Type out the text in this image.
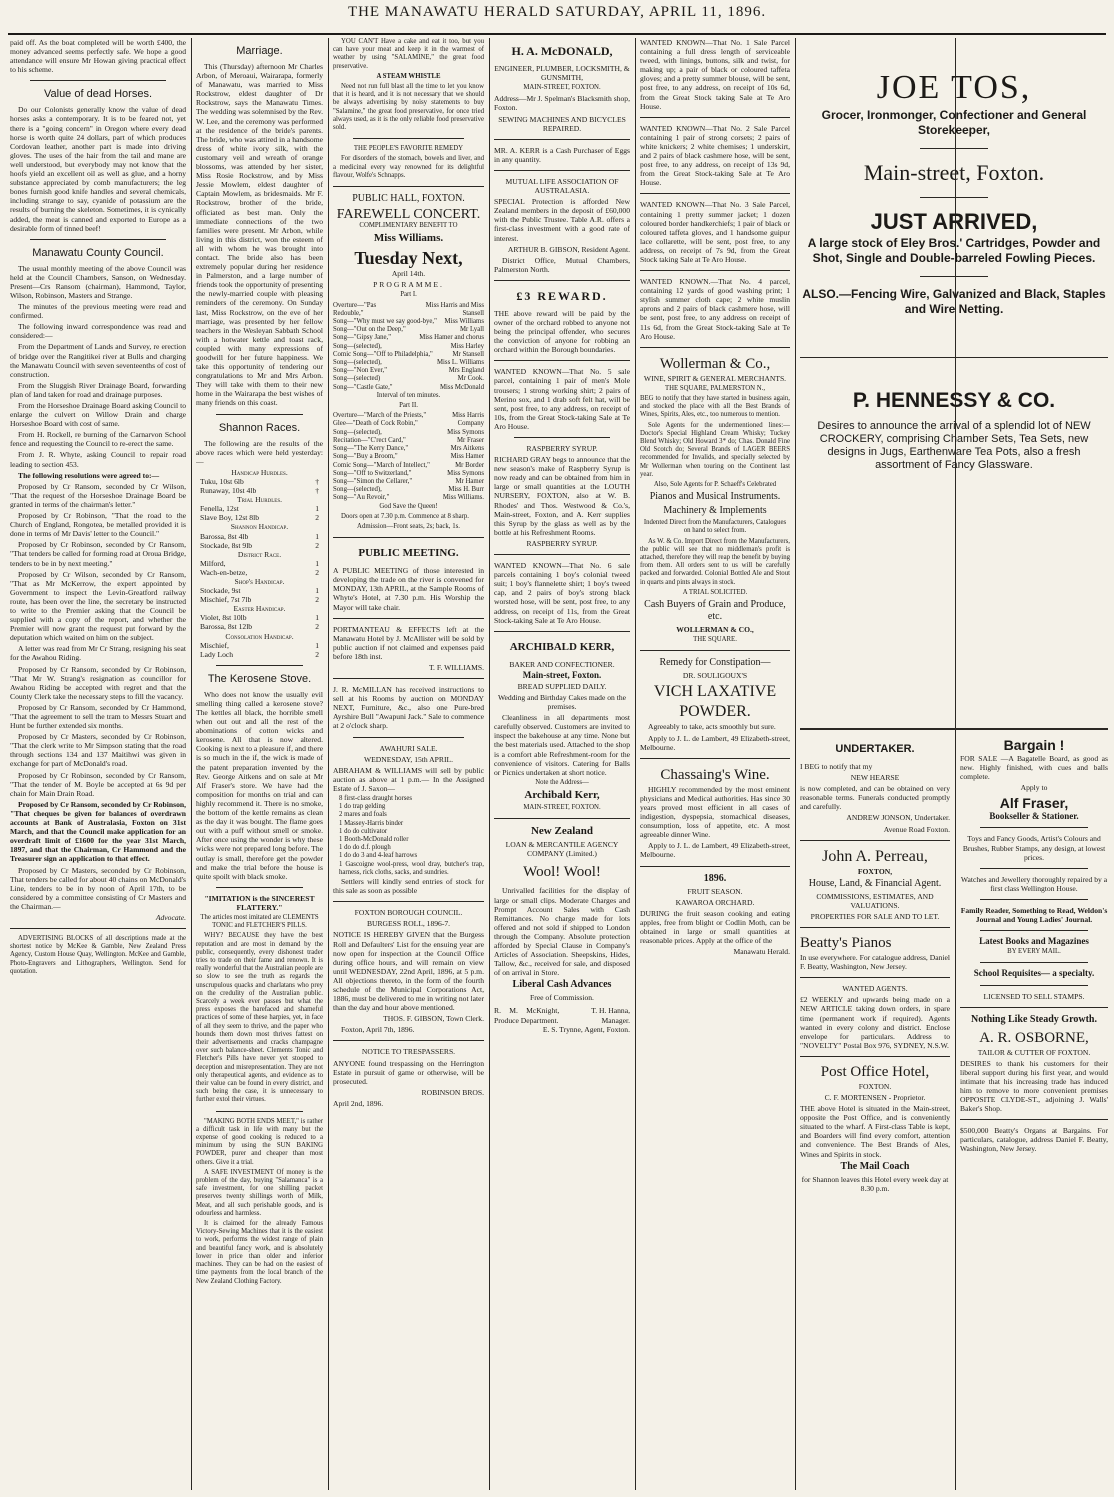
THE MANAWATU HERALD SATURDAY, APRIL 11, 1896.

paid off. As the boat completed will be worth £400, the money advanced seems perfectly safe. We hope a good attendance will ensure Mr Howan giving practical effect to his scheme.

Value of dead Horses.

Do our Colonists generally know the value of dead horses asks a contemporary. It is to be feared not, yet there is a "going concern" in Oregon where every dead horse is worth quite 24 dollars, part of which produces Cordovan leather, another part is made into driving gloves. The uses of the hair from the tail and mane are well understood, but everybody may not know that the hoofs yield an excellent oil as well as glue, and a horny substance appreciated by comb manufacturers; the leg bones furnish good knife handles and several chemicals, including strange to say, cyanide of potassium are the results of burning the skeleton. Sometimes, it is cynically added, the meat is canned and exported to Europe as a desirable form of tinned beef!

Manawatu County Council.

The usual monthly meeting of the above Council was held at the Council Chambers, Sanson, on Wednesday. Present—Crs Ransom (chairman), Hammond, Taylor, Wilson, Robinson, Masters and Strange.

The minutes of the previous meeting were read and confirmed.

The following inward correspondence was read and considered:—

From the Department of Lands and Survey, re erection of bridge over the Rangitikei river at Bulls and charging the Manawatu Council with seven seventeenths of cost of construction.

From the Sluggish River Drainage Board, forwarding plan of land taken for road and drainage purposes.

From the Horseshoe Drainage Board asking Council to enlarge the culvert on Willow Drain and charge Horseshoe Board with cost of same.

From H. Rockell, re burning of the Carnarvon School fence and requesting the Council to re-erect the same.

From J. R. Whyte, asking Council to repair road leading to section 453.

The following resolutions were agreed to:—

Proposed by Cr Ransom, seconded by Cr Wilson, "That the request of the Horseshoe Drainage Board be granted in terms of the chairman's letter."

Proposed by Cr Robinson, "That the road to the Church of England, Rongotea, be metalled provided it is done in terms of Mr Davis' letter to the Council."

Proposed by Cr Robinson, seconded by Cr Ransom, "That tenders be called for forming road at Oroua Bridge, tenders to be in by next meeting."

Proposed by Cr Wilson, seconded by Cr Ransom, "That as Mr McKerrow, the expert appointed by Government to inspect the Levin-Greatford railway route, has been over the line, the secretary be instructed to write to the Premier asking that the Council be supplied with a copy of the report, and whether the Premier will now grant the request put forward by the deputation which waited on him on the subject.

A letter was read from Mr Cr Strang, resigning his seat for the Awahou Riding.

Proposed by Cr Ransom, seconded by Cr Robinson, "That Mr W. Strang's resignation as councillor for Awahou Riding be accepted with regret and that the County Clerk take the necessary steps to fill the vacancy.

Proposed by Cr Ransom, seconded by Cr Hammond, "That the agreement to sell the tram to Messrs Stuart and Hunt be further extended six months.

Proposed by Cr Masters, seconded by Cr Robinson, "That the clerk write to Mr Simpson stating that the road through sections 134 and 137 Maitihwi was given in exchange for part of McDonald's road.

Proposed by Cr Robinson, seconded by Cr Ransom, "That the tender of M. Boyle be accepted at 6s 9d per chain for Main Drain Road.

Proposed by Cr Ransom, seconded by Cr Robinson, "That cheques be given for balances of overdrawn accounts at Bank of Australasia, Foxton on 31st March, and that the Council make application for an overdraft limit of £1600 for the year 31st March, 1897, and that the Chairman, Cr Hammond and the Treasurer sign an application to that effect.

Proposed by Cr Masters, seconded by Cr Robinson, That tenders be called for about 40 chains on McDonald's Line, tenders to be in by noon of April 17th, to be considered by a committee consisting of Cr Masters and the Chairman.—

Advocate.

ADVERTISING BLOCKS of all descriptions made at the shortest notice by McKee & Gamble, New Zealand Press Agency, Custom House Quay, Wellington. McKee and Gamble, Photo-Engravers and Lithographers, Wellington. Send for quotation.

Marriage.

This (Thursday) afternoon Mr Charles Arbon, of Meroaui, Wairarapa, formerly of Manawatu, was married to Miss Rockstrow, eldest daughter of Dr Rockstrow, says the Manawatu Times. The wedding was solemnised by the Rev. W. Lee, and the ceremony was performed at the residence of the bride's parents. The bride, who was attired in a handsome dress of white ivory silk, with the customary veil and wreath of orange blossoms, was attended by her sister, Miss Rosie Rockstrow, and by Miss Jessie Mowlem, eldest daughter of Captain Mowlem, as bridesmaids. Mr F. Rockstrow, brother of the bride, officiated as best man. Only the immediate connections of the two families were present. Mr Arbon, while living in this district, won the esteem of all with whom he was brought into contact. The bride also has been extremely popular during her residence in Palmerston, and a large number of friends took the opportunity of presenting the newly-married couple with pleasing reminders of the ceremony. On Sunday last, Miss Rockstrow, on the eve of her marriage, was presented by her fellow teachers in the Wesleyan Sabbath School with a hotwater kettle and toast rack, coupled with many expressions of goodwill for her future happiness. We take this opportunity of tendering our congratulations to Mr and Mrs Arbon. They will take with them to their new home in the Wairarapa the best wishes of many friends on this coast.

Shannon Races.

The following are the results of the above races which were held yesterday:—

Handicap Hurdles.
Tuku, 10st 6lb	†
Runaway, 10st 4lb	†
Trial Hurdles.
Fenella, 12st	1
Slave Boy, 12st 8lb	2
Shannon Handicap.
Barossa, 8st 4lb	1
Stockade, 8st 9lb	2
District Race.
Milford,	1
Wach-en-betze,	2
Shop's Handicap.
Stockade, 9st	1
Mischief, 7st 7lb	2
Easter Handicap.
Violet, 8st 10lb	1
Barossa, 8st 12lb	2
Consolation Handicap.
Mischief,	1
Lady Loch	2
The Kerosene Stove.

Who does not know the usually evil smelling thing called a kerosene stove? The kettles all black, the horrible smell when out out and all the rest of the abominations of cotton wicks and kerosene. All that is now altered. Cooking is next to a pleasure if, and there is so much in the if, the wick is made of the patent preparation invented by the Rev. George Aitkens and on sale at Mr Alf Fraser's store. We have had the composition for months on trial and can highly recommend it. There is no smoke, the bottom of the kettle remains as clean as the day it was bought. The flame goes out with a puff without smell or smoke. After once using the wonder is why these wicks were not prepared long before. The outlay is small, therefore get the powder and make the trial before the house is quite spoilt with black smoke.

"IMITATION is the SINCEREST FLATTERY."

The articles most imitated are CLEMENTS TONIC and FLETCHER'S PILLS.

WHY? BECAUSE they have the best reputation and are most in demand by the public, consequently, every dishonest trader tries to trade on their fame and renown. It is really wonderful that the Australian people are so slow to see the truth as regards the unscrupulous quacks and charlatans who prey on the credulity of the Australian public. Scarcely a week ever passes but what the press exposes the barefaced and shameful practices of some of these harpies, yet, in face of all they seem to thrive, and the paper who hounds them down most thrives fattest on their advertisements and cracks champagne over such balance-sheet. Clements Tonic and Fletcher's Pills have never yet stooped to deception and misrepresentation. They are not only therapeutical agents, and evidence as to their value can be found in every district, and such being the case, it is unnecessary to further extol their virtues.

"MAKING BOTH ENDS MEET," is rather a difficult task in life with many but the expense of good cooking is reduced to a minimum by using the SUN BAKING POWDER, purer and cheaper than most others. Give it a trial.

A SAFE INVESTMENT Of money is the problem of the day, buying "Salamanca" is a safe investment, for one shilling packet preserves twenty shillings worth of Milk, Meat, and all such perishable goods, and is odourless and harmless.

It is claimed for the already Famous Victory-Sewing Machines that it is the easiest to work, performs the widest range of plain and beautiful fancy work, and is absolutely lower in price than older and inferior machines. They can be had on the easiest of time payments from the local branch of the New Zealand Clothing Factory.

YOU CAN'T Have a cake and eat it too, but you can have your meat and keep it in the warmest of weather by using "SALAMINE," the great food preservative.

A STEAM WHISTLE

Need not run full blast all the time to let you know that it is heard, and it is not necessary that we should be always advertising by noisy statements to buy "Salamine," the great food preservative, for once tried always used, as it is the only reliable food preservative sold.

THE PEOPLE'S FAVORITE REMEDY

For disorders of the stomach, bowels and liver, and a medicinal every way renowned for its delightful flavour, Wolfe's Schnapps.

PUBLIC HALL, FOXTON.

FAREWELL CONCERT.

COMPLIMENTARY BENEFIT TO

Miss Williams.

Tuesday Next,

April 14th.

PROGRAMME.

Part I.

Overture—"Pas Redouble,"
Miss Harris and Miss Stansell
Song—"Why must we say good-bye," Miss Williams
Song—"Out on the Deep,"	Mr Lyall
Song—"Gipsy Jane,"	Miss Hamer and chorus
Song—(selected),	Miss Harley
Comic Song—"Off to Philadelphia,"	Mr Stansell
Song—(selected),	Miss L. Williams
Song—"Non Ever,"	Mrs England
Song—(selected)	Mr Cook.
Song—"Castle Gate,"	Miss McDonald

Interval of ten minutes.

Part II.

Overture—"March of the Priests,"	Miss Harris
Glee—"Death of Cock Robin,"	Company
Song—(selected),	Miss Symons
Recitation—"C'rect Card,"	Mr Fraser
Song—"The Kerry Dance,"	Mrs Aitkens
Song—"Buy a Broom,"	Miss Hamer
Comic Song—"March of Intellect,"	Mr Border
Song—"Off to Switzerland,"	Miss Symons
Song—"Simon the Cellarer,"	Mr Hamer
Song—(selected),	Miss H. Burr
Song—"Au Revoir,"	Miss Williams.

God Save the Queen!

Doors open at 7.30 p.m. Commence at 8 sharp.

Admission—Front seats, 2s; back, 1s.

PUBLIC MEETING.

A PUBLIC MEETING of those interested in developing the trade on the river is convened for MONDAY, 13th APRIL, at the Sample Rooms of Whyte's Hotel, at 7.30 p.m. His Worship the Mayor will take chair.

PORTMANTEAU & EFFECTS left at the Manawatu Hotel by J. McAllister will be sold by public auction if not claimed and expenses paid before 18th inst.

T. F. WILLIAMS.

J. R. McMILLAN has received instructions to sell at his Rooms by auction on MONDAY NEXT, Furniture, &c., also one Pure-bred Ayrshire Bull "Awapuni Jack." Sale to commence at 2 o'clock sharp.

AWAHURI SALE.

WEDNESDAY, 15th APRIL.

ABRAHAM & WILLIAMS will sell by public auction as above at 1 p.m.— In the Assigned Estate of J. Saxon—

8 first-class draught horses
1 do trap gelding
2 mares and foals
1 Massey-Harris binder
1 do do cultivator
1 Booth-McDonald roller
1 do do d.f. plough
1 do do 3 and 4-leaf harrows
1 Gascoigne wool-press, wool dray, butcher's trap, harness, rick cloths, sacks, and sundries.

Settlers will kindly send entries of stock for this sale as soon as possible

FOXTON BOROUGH COUNCIL.

BURGESS ROLL, 1896-7.

NOTICE IS HEREBY GIVEN that the Burgess Roll and Defaulters' List for the ensuing year are now open for inspection at the Council Office during office hours, and will remain on view until WEDNESDAY, 22nd April, 1896, at 5 p.m. All objections thereto, in the form of the fourth schedule of the Municipal Corporations Act, 1886, must be delivered to me in writing not later than the day and hour above mentioned.

THOS. F. GIBSON, Town Clerk.

Foxton, April 7th, 1896.

NOTICE TO TRESPASSERS.

ANYONE found trespassing on the Herrington Estate in pursuit of game or otherwise, will be prosecuted.

ROBINSON BROS.

April 2nd, 1896.

H. A. McDONALD,

ENGINEER, PLUMBER, LOCKSMITH, & GUNSMITH,

MAIN-STREET, FOXTON.

Address—Mr J. Spelman's Blacksmith shop, Foxton.

SEWING MACHINES AND BICYCLES REPAIRED.

MR. A. KERR is a Cash Purchaser of Eggs in any quantity.

MUTUAL LIFE ASSOCIATION OF AUSTRALASIA.

SPECIAL Protection is afforded New Zealand members in the deposit of £60,000 with the Public Trustee. Table A.R. offers a first-class investment with a good rate of interest.

ARTHUR B. GIBSON, Resident Agent.

District Office, Mutual Chambers, Palmerston North.

£3 REWARD.

THE above reward will be paid by the owner of the orchard robbed to anyone not being the principal offender, who secures the conviction of anyone for robbing an orchard within the Borough boundaries.

WANTED KNOWN—That No. 5 sale parcel, containing 1 pair of men's Mole trousers; 1 strong working shirt; 2 pairs of Merino sox, and 1 drab soft felt hat, will be sent, post free, to any address, on receipt of 10s, from the Great Stock-taking Sale at Te Aro House.

RASPBERRY SYRUP.

RICHARD GRAY begs to announce that the new season's make of Raspberry Syrup is now ready and can be obtained from him in large or small quantities at the LOUTH NURSERY, FOXTON, also at W. B. Rhodes' and Thos. Westwood & Co.'s, Main-street, Foxton, and A. Kerr supplies this Syrup by the glass as well as by the bottle at his Refreshment Rooms.

RASPBERRY SYRUP.

WANTED KNOWN—That No. 6 sale parcels containing 1 boy's colonial tweed suit; 1 boy's flannelette shirt; 1 boy's tweed cap, and 2 pairs of boy's strong black worsted hose, will be sent, post free, to any address, on receipt of 11s, from the Great Stock-taking Sale at Te Aro House.

ARCHIBALD KERR,

BAKER AND CONFECTIONER.

Main-street, Foxton.

BREAD SUPPLIED DAILY.

Wedding and Birthday Cakes made on the premises.

Cleanliness in all departments most carefully observed. Customers are invited to inspect the bakehouse at any time. None but the best materials used. Attached to the shop is a comfort able Refreshment-room for the convenience of visitors. Catering for Balls or Picnics undertaken at short notice.

Note the Address—

Archibald Kerr,

MAIN-STREET, FOXTON.

New Zealand

LOAN & MERCANTILE AGENCY COMPANY (Limited.)

Wool! Wool!

Unrivalled facilities for the display of large or small clips. Moderate Charges and Prompt Account Sales with Cash Remittances. No charge made for lots offered and not sold if shipped to London through the Company. Absolute protection afforded by Special Clause in Company's Articles of Association. Sheepskins, Hides, Tallow, &c., received for sale, and disposed of on arrival in Store.

Liberal Cash Advances

Free of Commission.

R. M. McKnight, Produce Department.
T. H. Hanna, Manager.

E. S. Trynne, Agent, Foxton.

WANTED KNOWN—That No. 1 Sale Parcel containing a full dress length of serviceable tweed, with linings, buttons, silk and twist, for making up; a pair of black or coloured taffeta gloves; and a pretty summer blouse, will be sent, post free, to any address, on receipt of 10s 6d, from the Great Stock taking Sale at Te Aro House.

WANTED KNOWN—That No. 2 Sale Parcel containing 1 pair of strong corsets; 2 pairs of white knickers; 2 white chemises; 1 underskirt, and 2 pairs of black cashmere hose, will be sent, post free, to any address, on receipt of 13s 9d, from the Great Stock-taking Sale at Te Aro House.

WANTED KNOWN—That No. 3 Sale Parcel, containing 1 pretty summer jacket; 1 dozen coloured border handkerchiefs; 1 pair of black or coloured taffeta gloves, and 1 handsome guipur lace collarette, will be sent, post free, to any address, on receipt of 7s 9d, from the Great Stock taking Sale at Te Aro House.

WANTED KNOWN.—That No. 4 parcel, containing 12 yards of good washing print; 1 stylish summer cloth cape; 2 white muslin aprons and 2 pairs of black cashmere hose, will be sent, post free, to any address on receipt of 11s 6d, from the Great Stock-taking Sale at Te Aro House.

Wollerman & Co.,

WINE, SPIRIT & GENERAL MERCHANTS.

THE SQUARE, PALMERSTON N.,

BEG to notify that they have started in business again, and stocked the place with all the Best Brands of Wines, Spirits, Ales, etc., too numerous to mention.

Sole Agents for the undermentioned lines:— Doctor's Special Highland Cream Whisky; Tuckey Blend Whisky; Old Howard 3* do; Chas. Donald Fine Old Scotch do; Several Brands of LAGER BEERS recommended for Invalids, and specially selected by Mr Wollerman when touring on the Continent last year.

Also, Sole Agents for P. Schaeff's Celebrated

Pianos and Musical Instruments.

Machinery & Implements

Indented Direct from the Manufacturers, Catalogues on hand to select from.

As W. & Co. Import Direct from the Manufacturers, the public will see that no middleman's profit is attached, therefore they will reap the benefit by buying from them. All orders sent to us will be carefully packed and forwarded. Colonial Bottled Ale and Stout in quarts and pints always in stock.

A TRIAL SOLICITED.

Cash Buyers of Grain and Produce, etc.

WOLLERMAN & CO.,

THE SQUARE.

Remedy for Constipation—

DR. SOULIGOUX'S

VICH LAXATIVE
POWDER.

Agreeably to take, acts smoothly but sure.

Apply to J. L. de Lambert, 49 Elizabeth-street, Melbourne.

Chassaing's Wine.

HIGHLY recommended by the most eminent physicians and Medical authorities. Has since 30 years proved most efficient in all cases of indigestion, dyspepsia, stomachical diseases, consumption, loss of appetite, etc. A most agreeable dinner Wine.

Apply to J. L. de Lambert, 49 Elizabeth-street, Melbourne.

1896.

FRUIT SEASON.

KAWAROA ORCHARD.

DURING the fruit season cooking and eating apples, free from blight or Codlin Moth, can be obtained in large or small quantities at reasonable prices. Apply at the office of the

Manawatu Herald.

JOE TOS,

Grocer, Ironmonger, Confectioner and General Storekeeper,

Main-street, Foxton.
JUST ARRIVED,

A large stock of Eley Bros.' Cartridges, Powder and Shot, Single and Double-barreled Fowling Pieces.

ALSO.—Fencing Wire, Galvanized and Black, Staples and Wire Netting.

P. HENNESSY & CO.

Desires to announce the arrival of a splendid lot of NEW CROCKERY, comprising Chamber Sets, Tea Sets, new designs in Jugs, Earthenware Tea Pots, also a fresh assortment of Fancy Glassware.

UNDERTAKER.

I BEG to notify that my

NEW HEARSE

is now completed, and can be obtained on very reasonable terms. Funerals conducted promptly and carefully.

ANDREW JONSON, Undertaker.

Avenue Road Foxton.

John A. Perreau,

FOXTON,

House, Land, & Financial Agent.

COMMISSIONS, ESTIMATES, AND VALUATIONS.

PROPERTIES FOR SALE AND TO LET.

Beatty's Pianos

In use everywhere. For catalogue address, Daniel F. Beatty, Washington, New Jersey.

WANTED AGENTS.

£2 WEEKLY and upwards being made on a NEW ARTICLE taking down orders, in spare time (permanent work if required). Agents wanted in every colony and district. Enclose envelope for particulars. Address to "NOVELTY" Postal Box 976, SYDNEY, N.S.W.

Post Office Hotel,

FOXTON.

C. F. MORTENSEN - Proprietor.

THE above Hotel is situated in the Main-street, opposite the Post Office, and is conveniently situated to the wharf. A First-class Table is kept, and Boarders will find every comfort, attention and convenience. The Best Brands of Ales, Wines and Spirits in stock.

The Mail Coach

for Shannon leaves this Hotel every week day at 8.30 p.m.

Bargain !

FOR SALE —A Bagatelle Board, as good as new. Highly finished, with cues and balls complete.

Apply to

Alf Fraser,

Bookseller & Stationer.

Toys and Fancy Goods, Artist's Colours and Brushes, Rubber Stamps, any design, at lowest prices.

Watches and Jewellery thoroughly repaired by a first class Wellington House.

Family Reader, Something to Read, Weldon's Journal and Young Ladies' Journal.

Latest Books and Magazines

BY EVERY MAIL.

School Requisites— a specialty.

LICENSED TO SELL STAMPS.

Nothing Like Steady Growth.

A. R. OSBORNE,

TAILOR & CUTTER OF FOXTON.

DESIRES to thank his customers for their liberal support during his first year, and would intimate that his increasing trade has induced him to remove to more convenient premises OPPOSITE CLYDE-ST., adjoining J. Walls' Baker's Shop.

$500,000 Beatty's Organs at Bargains. For particulars, catalogue, address Daniel F. Beatty, Washington, New Jersey.
